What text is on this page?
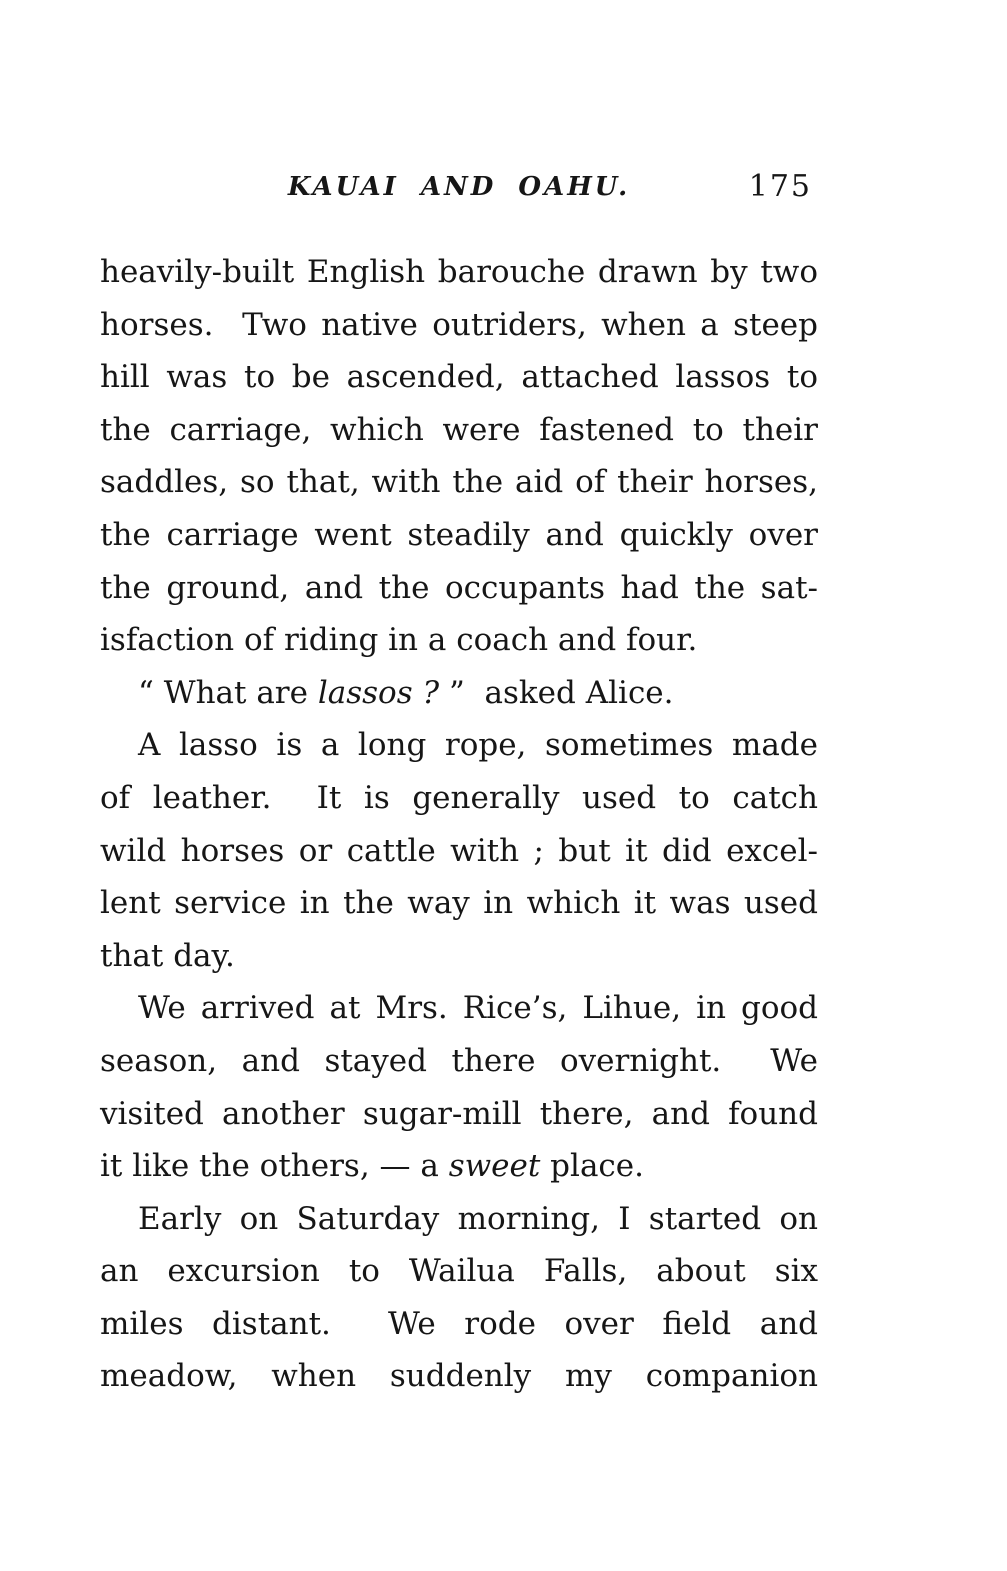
KAUAI AND OAHU.	175
heavily-built English barouche drawn by two
horses.  Two native outriders, when a steep
hill was to be ascended, attached lassos to
the carriage, which were fastened to their
saddles, so that, with the aid of their horses,
the carriage went steadily and quickly over
the ground, and the occupants had the sat-
isfaction of riding in a coach and four.
“ What are lassos ? ”  asked Alice.
A lasso is a long rope, sometimes made
of leather.  It is generally used to catch
wild horses or cattle with ; but it did excel-
lent service in the way in which it was used
that day.
We arrived at Mrs. Rice’s, Lihue, in good
season, and stayed there overnight.  We
visited another sugar-mill there, and found
it like the others, — a sweet place.
Early on Saturday morning, I started on
an excursion to Wailua Falls, about six
miles distant.  We rode over field and
meadow, when suddenly my companion
